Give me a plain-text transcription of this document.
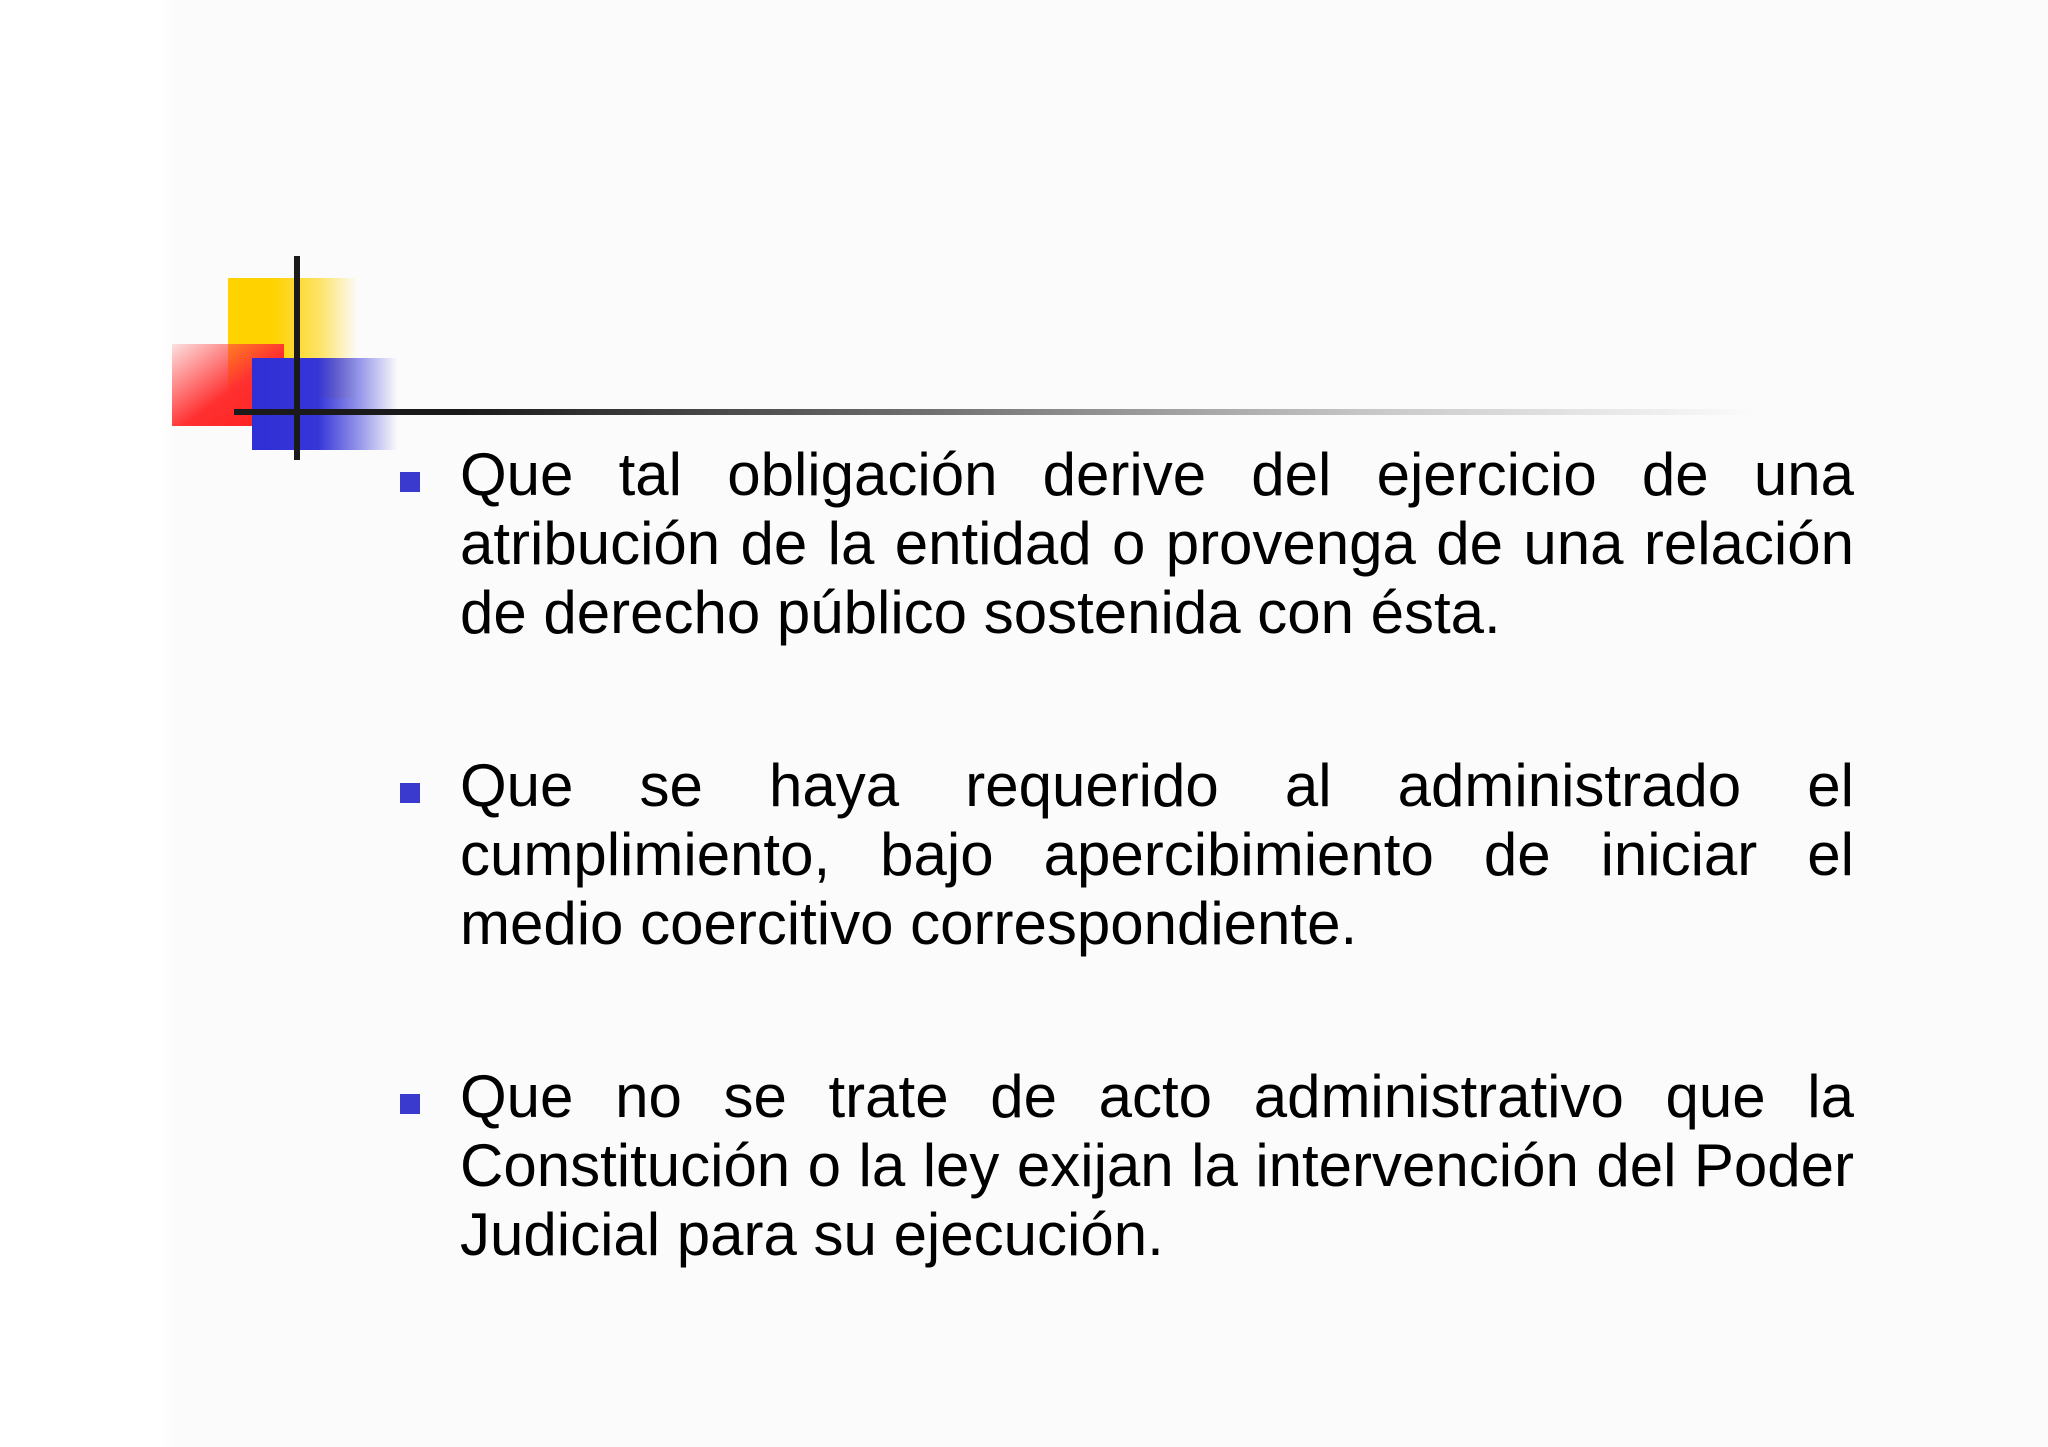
Que tal obligación derive del ejercicio de una atribución de la entidad o provenga de una relación de derecho público sostenida con ésta.
Que se haya requerido al administrado el cumplimiento, bajo apercibimiento de iniciar el medio coercitivo correspondiente.
Que no se trate de acto administrativo que la Constitución o la ley exijan la intervención del Poder Judicial para su ejecución.
